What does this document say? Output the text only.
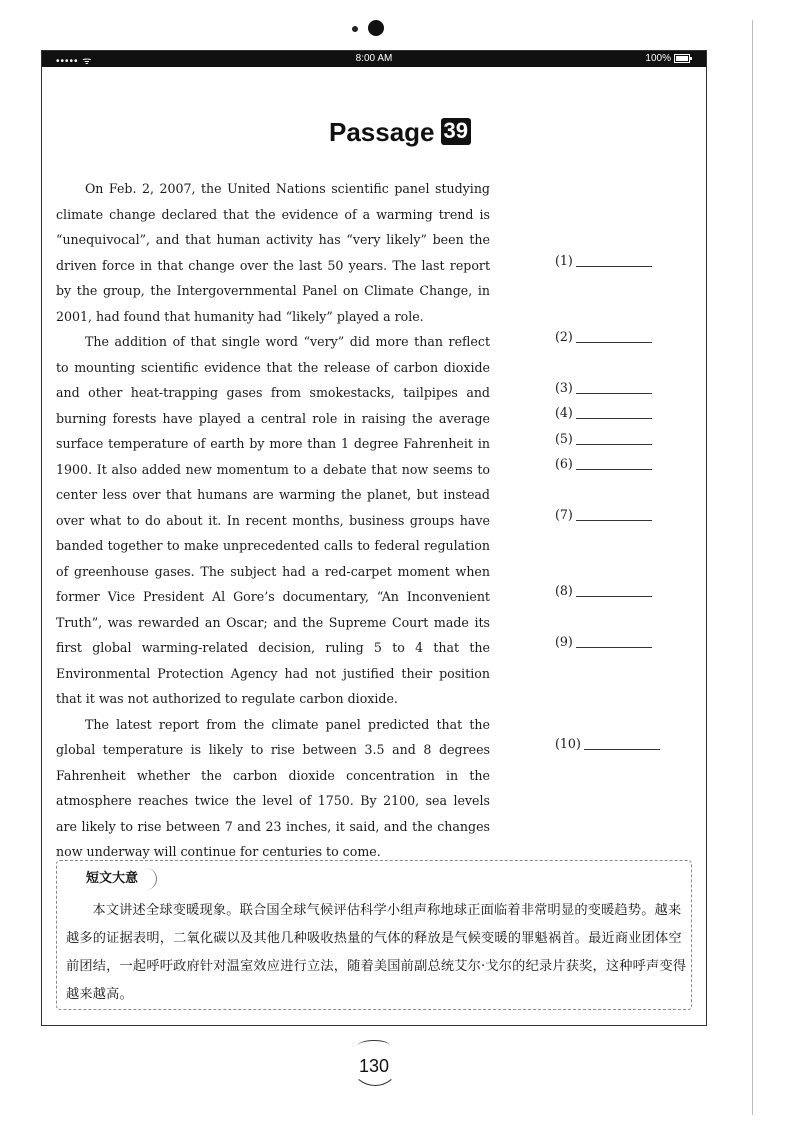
••••• ᯤ	8:00 AM	100%
Passage 39

On Feb. 2, 2007, the United Nations scientific panel studying climate change declared that the evidence of a warming trend is “unequivocal”, and that human activity has “very likely” been the driven force in that change over the last 50 years. The last report by the group, the Intergovernmental Panel on Climate Change, in 2001, had found that humanity had “likely” played a role.

The addition of that single word “very” did more than reflect to mounting scientific evidence that the release of carbon dioxide and other heat-trapping gases from smokestacks, tailpipes and burning forests have played a central role in raising the average surface temperature of earth by more than 1 degree Fahrenheit in 1900. It also added new momentum to a debate that now seems to center less over that humans are warming the planet, but instead over what to do about it. In recent months, business groups have banded together to make unprecedented calls to federal regulation of greenhouse gases. The subject had a red-carpet moment when former Vice President Al Gore’s documentary, “An Inconvenient Truth”, was rewarded an Oscar; and the Supreme Court made its first global warming-related decision, ruling 5 to 4 that the Environmental Protection Agency had not justified their position that it was not authorized to regulate carbon dioxide.

The latest report from the climate panel predicted that the global temperature is likely to rise between 3.5 and 8 degrees Fahrenheit whether the carbon dioxide concentration in the atmosphere reaches twice the level of 1750. By 2100, sea levels are likely to rise between 7 and 23 inches, it said, and the changes now underway will continue for centuries to come.

(1)
(2)
(3)
(4)
(5)
(6)
(7)
(8)
(9)
(10)
短文大意
本文讲述全球变暖现象。联合国全球气候评估科学小组声称地球正面临着非常明显的变暖趋势。越来越多的证据表明，二氧化碳以及其他几种吸收热量的气体的释放是气候变暖的罪魁祸首。最近商业团体空前团结，一起呼吁政府针对温室效应进行立法，随着美国前副总统艾尔·戈尔的纪录片获奖，这种呼声变得越来越高。
130
